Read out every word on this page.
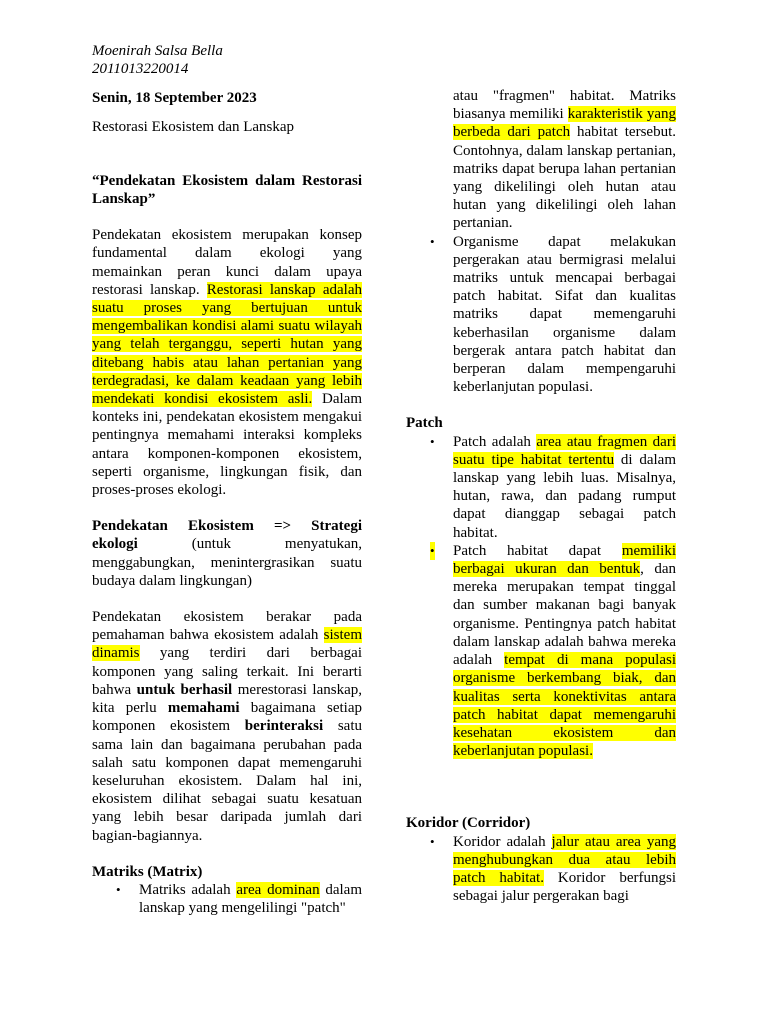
Moenirah Salsa Bella

2011013220014

Senin, 18 September 2023

Restorasi Ekosistem dan Lanskap

“Pendekatan Ekosistem dalam Restorasi Lanskap”

Pendekatan ekosistem merupakan konsep fundamental dalam ekologi yang memainkan peran kunci dalam upaya restorasi lanskap. Restorasi lanskap adalah suatu proses yang bertujuan untuk mengembalikan kondisi alami suatu wilayah yang telah terganggu, seperti hutan yang ditebang habis atau lahan pertanian yang terdegradasi, ke dalam keadaan yang lebih mendekati kondisi ekosistem asli. Dalam konteks ini, pendekatan ekosistem mengakui pentingnya memahami interaksi kompleks antara komponen-komponen ekosistem, seperti organisme, lingkungan fisik, dan proses-proses ekologi.

Pendekatan Ekosistem => Strategi ekologi (untuk menyatukan, menggabungkan, menintergrasikan suatu budaya dalam lingkungan)

Pendekatan ekosistem berakar pada pemahaman bahwa ekosistem adalah sistem dinamis yang terdiri dari berbagai komponen yang saling terkait. Ini berarti bahwa untuk berhasil merestorasi lanskap, kita perlu memahami bagaimana setiap komponen ekosistem berinteraksi satu sama lain dan bagaimana perubahan pada salah satu komponen dapat memengaruhi keseluruhan ekosistem. Dalam hal ini, ekosistem dilihat sebagai suatu kesatuan yang lebih besar daripada jumlah dari bagian-bagiannya.

Matriks (Matrix)

• Matriks adalah area dominan dalam lanskap yang mengelilingi "patch"

atau "fragmen" habitat. Matriks biasanya memiliki karakteristik yang berbeda dari patch habitat tersebut. Contohnya, dalam lanskap pertanian, matriks dapat berupa lahan pertanian yang dikelilingi oleh hutan atau hutan yang dikelilingi oleh lahan pertanian.

• Organisme dapat melakukan pergerakan atau bermigrasi melalui matriks untuk mencapai berbagai patch habitat. Sifat dan kualitas matriks dapat memengaruhi keberhasilan organisme dalam bergerak antara patch habitat dan berperan dalam mempengaruhi keberlanjutan populasi.

Patch

• Patch adalah area atau fragmen dari suatu tipe habitat tertentu di dalam lanskap yang lebih luas. Misalnya, hutan, rawa, dan padang rumput dapat dianggap sebagai patch habitat.
• Patch habitat dapat memiliki berbagai ukuran dan bentuk, dan mereka merupakan tempat tinggal dan sumber makanan bagi banyak organisme. Pentingnya patch habitat dalam lanskap adalah bahwa mereka adalah tempat di mana populasi organisme berkembang biak, dan kualitas serta konektivitas antara patch habitat dapat memengaruhi kesehatan ekosistem dan keberlanjutan populasi.

Koridor (Corridor)

• Koridor adalah jalur atau area yang menghubungkan dua atau lebih patch habitat. Koridor berfungsi sebagai jalur pergerakan bagi
